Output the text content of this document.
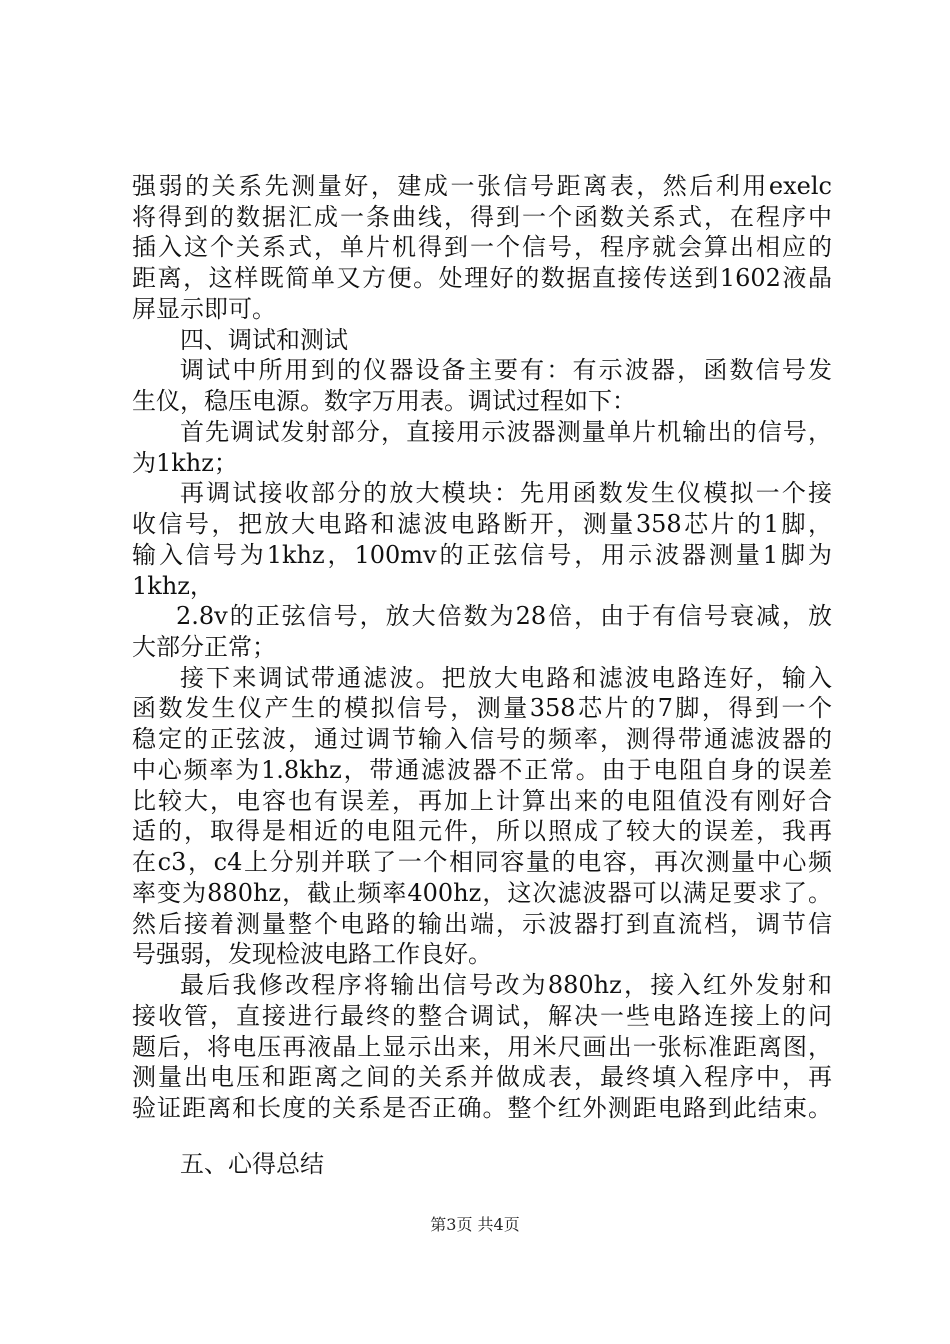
强弱的关系先测量好，建成一张信号距离表，然后利用exelc
将得到的数据汇成一条曲线，得到一个函数关系式，在程序中
插入这个关系式，单片机得到一个信号，程序就会算出相应的
距离，这样既简单又方便。处理好的数据直接传送到1602液晶
屏显示即可。
四、调试和测试
调试中所用到的仪器设备主要有：有示波器，函数信号发
生仪，稳压电源。数字万用表。调试过程如下：
首先调试发射部分，直接用示波器测量单片机输出的信号，
为1khz；
再调试接收部分的放大模块：先用函数发生仪模拟一个接
收信号，把放大电路和滤波电路断开，测量358芯片的1脚，
输入信号为1khz，100mv的正弦信号，用示波器测量1脚为
1khz，
2.8v的正弦信号，放大倍数为28倍，由于有信号衰减，放
大部分正常；
接下来调试带通滤波。把放大电路和滤波电路连好，输入
函数发生仪产生的模拟信号，测量358芯片的7脚，得到一个
稳定的正弦波，通过调节输入信号的频率，测得带通滤波器的
中心频率为1.8khz，带通滤波器不正常。由于电阻自身的误差
比较大，电容也有误差，再加上计算出来的电阻值没有刚好合
适的，取得是相近的电阻元件，所以照成了较大的误差，我再
在c3，c4上分别并联了一个相同容量的电容，再次测量中心频
率变为880hz，截止频率400hz，这次滤波器可以满足要求了。
然后接着测量整个电路的输出端，示波器打到直流档，调节信
号强弱，发现检波电路工作良好。
最后我修改程序将输出信号改为880hz，接入红外发射和
接收管，直接进行最终的整合调试，解决一些电路连接上的问
题后，将电压再液晶上显示出来，用米尺画出一张标准距离图，
测量出电压和距离之间的关系并做成表，最终填入程序中，再
验证距离和长度的关系是否正确。整个红外测距电路到此结束。
五、心得总结
第3页 共4页
